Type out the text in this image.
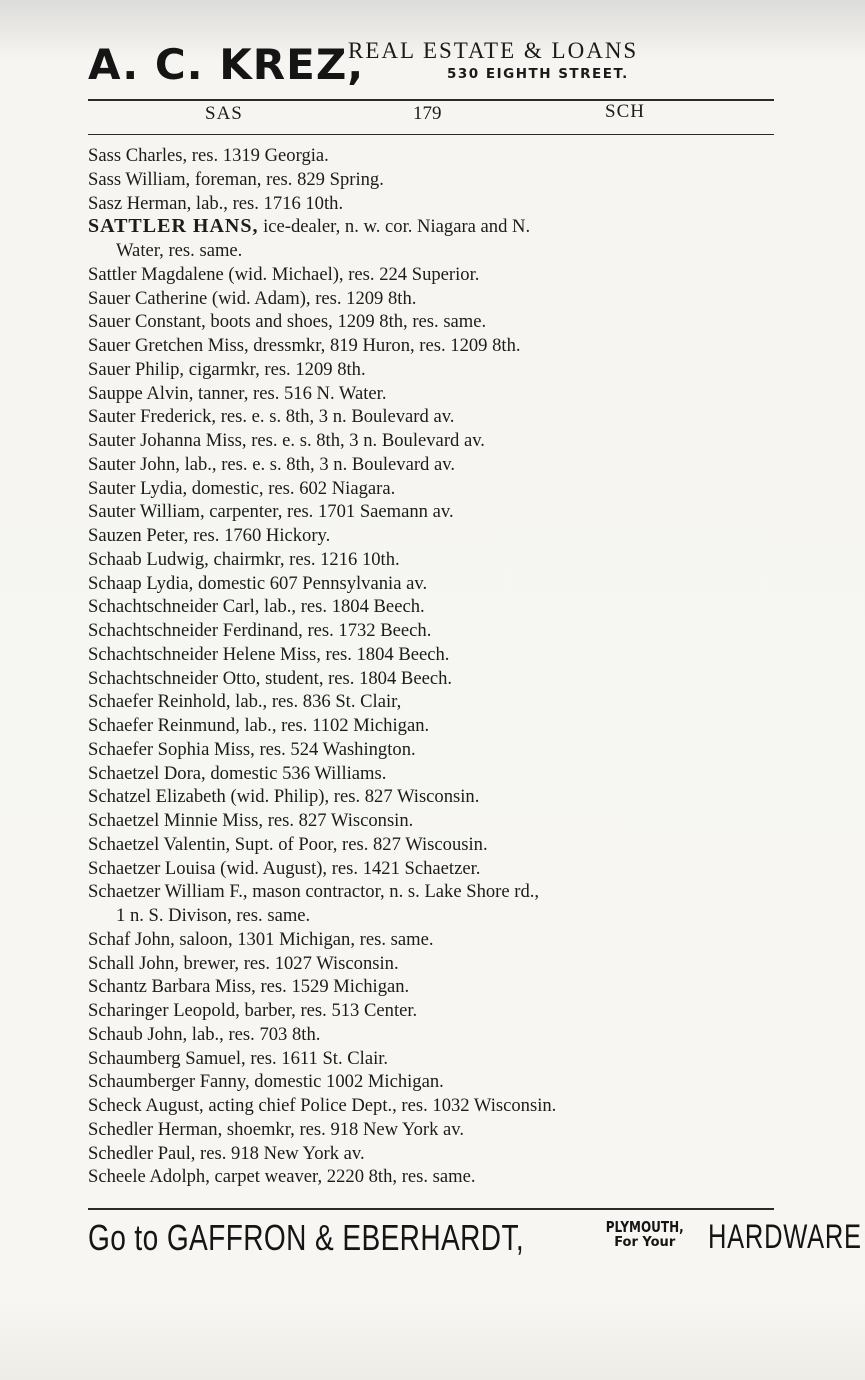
A. C. KREZ,
REAL ESTATE & LOANS
530 EIGHTH STREET.
SAS	179	SCH
Sass Charles, res. 1319 Georgia.
Sass William, foreman, res. 829 Spring.
Sasz Herman, lab., res. 1716 10th.
SATTLER HANS, ice-dealer, n. w. cor. Niagara and N.
Water, res. same.
Sattler Magdalene (wid. Michael), res. 224 Superior.
Sauer Catherine (wid. Adam), res. 1209 8th.
Sauer Constant, boots and shoes, 1209 8th, res. same.
Sauer Gretchen Miss, dressmkr, 819 Huron, res. 1209 8th.
Sauer Philip, cigarmkr, res. 1209 8th.
Sauppe Alvin, tanner, res. 516 N. Water.
Sauter Frederick, res. e. s. 8th, 3 n. Boulevard av.
Sauter Johanna Miss, res. e. s. 8th, 3 n. Boulevard av.
Sauter John, lab., res. e. s. 8th, 3 n. Boulevard av.
Sauter Lydia, domestic, res. 602 Niagara.
Sauter William, carpenter, res. 1701 Saemann av.
Sauzen Peter, res. 1760 Hickory.
Schaab Ludwig, chairmkr, res. 1216 10th.
Schaap Lydia, domestic 607 Pennsylvania av.
Schachtschneider Carl, lab., res. 1804 Beech.
Schachtschneider Ferdinand, res. 1732 Beech.
Schachtschneider Helene Miss, res. 1804 Beech.
Schachtschneider Otto, student, res. 1804 Beech.
Schaefer Reinhold, lab., res. 836 St. Clair,
Schaefer Reinmund, lab., res. 1102 Michigan.
Schaefer Sophia Miss, res. 524 Washington.
Schaetzel Dora, domestic 536 Williams.
Schatzel Elizabeth (wid. Philip), res. 827 Wisconsin.
Schaetzel Minnie Miss, res. 827 Wisconsin.
Schaetzel Valentin, Supt. of Poor, res. 827 Wiscousin.
Schaetzer Louisa (wid. August), res. 1421 Schaetzer.
Schaetzer William F., mason contractor, n. s. Lake Shore rd.,
1 n. S. Divison, res. same.
Schaf John, saloon, 1301 Michigan, res. same.
Schall John, brewer, res. 1027 Wisconsin.
Schantz Barbara Miss, res. 1529 Michigan.
Scharinger Leopold, barber, res. 513 Center.
Schaub John, lab., res. 703 8th.
Schaumberg Samuel, res. 1611 St. Clair.
Schaumberger Fanny, domestic 1002 Michigan.
Scheck August, acting chief Police Dept., res. 1032 Wisconsin.
Schedler Herman, shoemkr, res. 918 New York av.
Schedler Paul, res. 918 New York av.
Scheele Adolph, carpet weaver, 2220 8th, res. same.
Go to GAFFRON & EBERHARDT,	PLYMOUTH,
For Your HARDWARE
